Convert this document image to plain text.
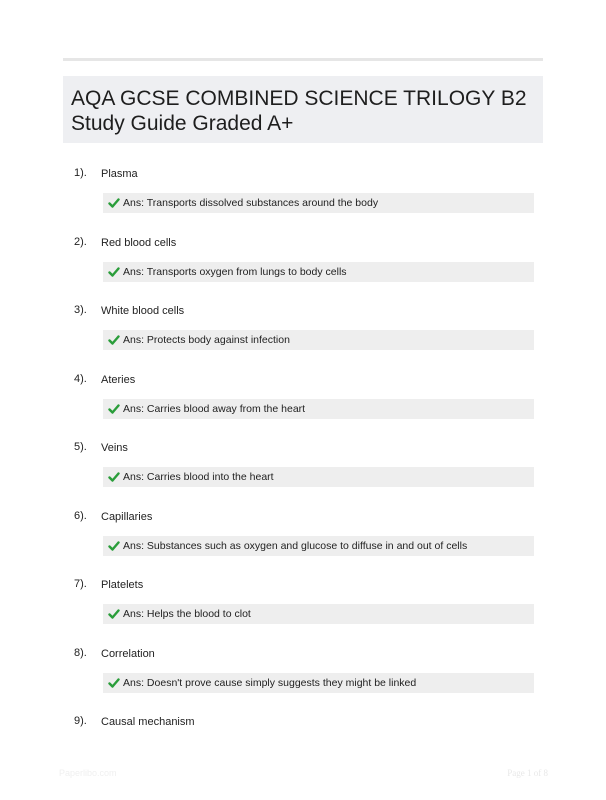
AQA GCSE COMBINED SCIENCE TRILOGY B2
Study Guide Graded A+
1). Plasma
Ans: Transports dissolved substances around the body
2). Red blood cells
Ans: Transports oxygen from lungs to body cells
3). White blood cells
Ans: Protects body against infection
4). Ateries
Ans: Carries blood away from the heart
5). Veins
Ans: Carries blood into the heart
6). Capillaries
Ans: Substances such as oxygen and glucose to diffuse in and out of cells
7). Platelets
Ans: Helps the blood to clot
8). Correlation
Ans: Doesn't prove cause simply suggests they might be linked
9). Causal mechanism
Paperlibo.com	Page 1 of 8
